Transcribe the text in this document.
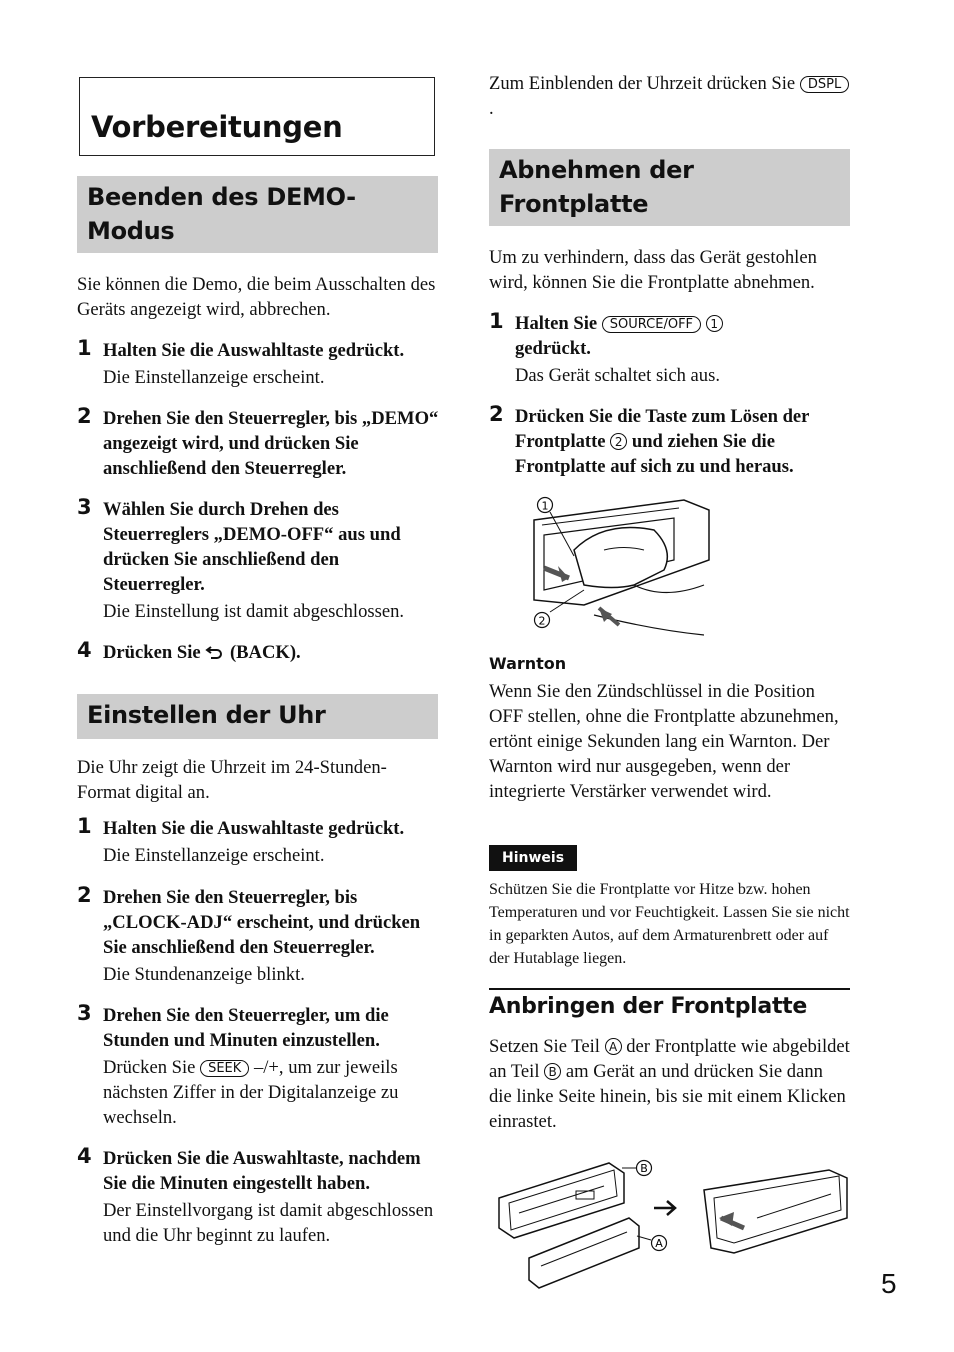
Vorbereitungen
Beenden des DEMO-Modus
Sie können die Demo, die beim Ausschalten des Geräts angezeigt wird, abbrechen.
1 Halten Sie die Auswahltaste gedrückt.
Die Einstellanzeige erscheint.
2 Drehen Sie den Steuerregler, bis „DEMO“ angezeigt wird, und drücken Sie anschließend den Steuerregler.
3 Wählen Sie durch Drehen des Steuerreglers „DEMO-OFF“ aus und drücken Sie anschließend den Steuerregler.
Die Einstellung ist damit abgeschlossen.
4 Drücken Sie (BACK).
Einstellen der Uhr
Die Uhr zeigt die Uhrzeit im 24-Stunden-Format digital an.
1 Halten Sie die Auswahltaste gedrückt.
Die Einstellanzeige erscheint.
2 Drehen Sie den Steuerregler, bis „CLOCK-ADJ“ erscheint, und drücken Sie anschließend den Steuerregler.
Die Stundenanzeige blinkt.
3 Drehen Sie den Steuerregler, um die Stunden und Minuten einzustellen.
Drücken Sie SEEK –/+, um zur jeweils nächsten Ziffer in der Digitalanzeige zu wechseln.
4 Drücken Sie die Auswahltaste, nachdem Sie die Minuten eingestellt haben.
Der Einstellvorgang ist damit abgeschlossen und die Uhr beginnt zu laufen.
Zum Einblenden der Uhrzeit drücken Sie DSPL.
Abnehmen der Frontplatte
Um zu verhindern, dass das Gerät gestohlen wird, können Sie die Frontplatte abnehmen.
1 Halten Sie SOURCE/OFF 1
gedrückt.
Das Gerät schaltet sich aus.
2 Drücken Sie die Taste zum Lösen der Frontplatte 2 und ziehen Sie die Frontplatte auf sich zu und heraus.
1
2
Warnton
Wenn Sie den Zündschlüssel in die Position OFF stellen, ohne die Frontplatte abzunehmen, ertönt einige Sekunden lang ein Warnton. Der Warnton wird nur ausgegeben, wenn der integrierte Verstärker verwendet wird.
Hinweis
Schützen Sie die Frontplatte vor Hitze bzw. hohen Temperaturen und vor Feuchtigkeit. Lassen Sie sie nicht in geparkten Autos, auf dem Armaturenbrett oder auf der Hutablage liegen.
Anbringen der Frontplatte
Setzen Sie Teil A der Frontplatte wie abgebildet an Teil B am Gerät an und drücken Sie dann die linke Seite hinein, bis sie mit einem Klicken einrastet.
B
A
5
